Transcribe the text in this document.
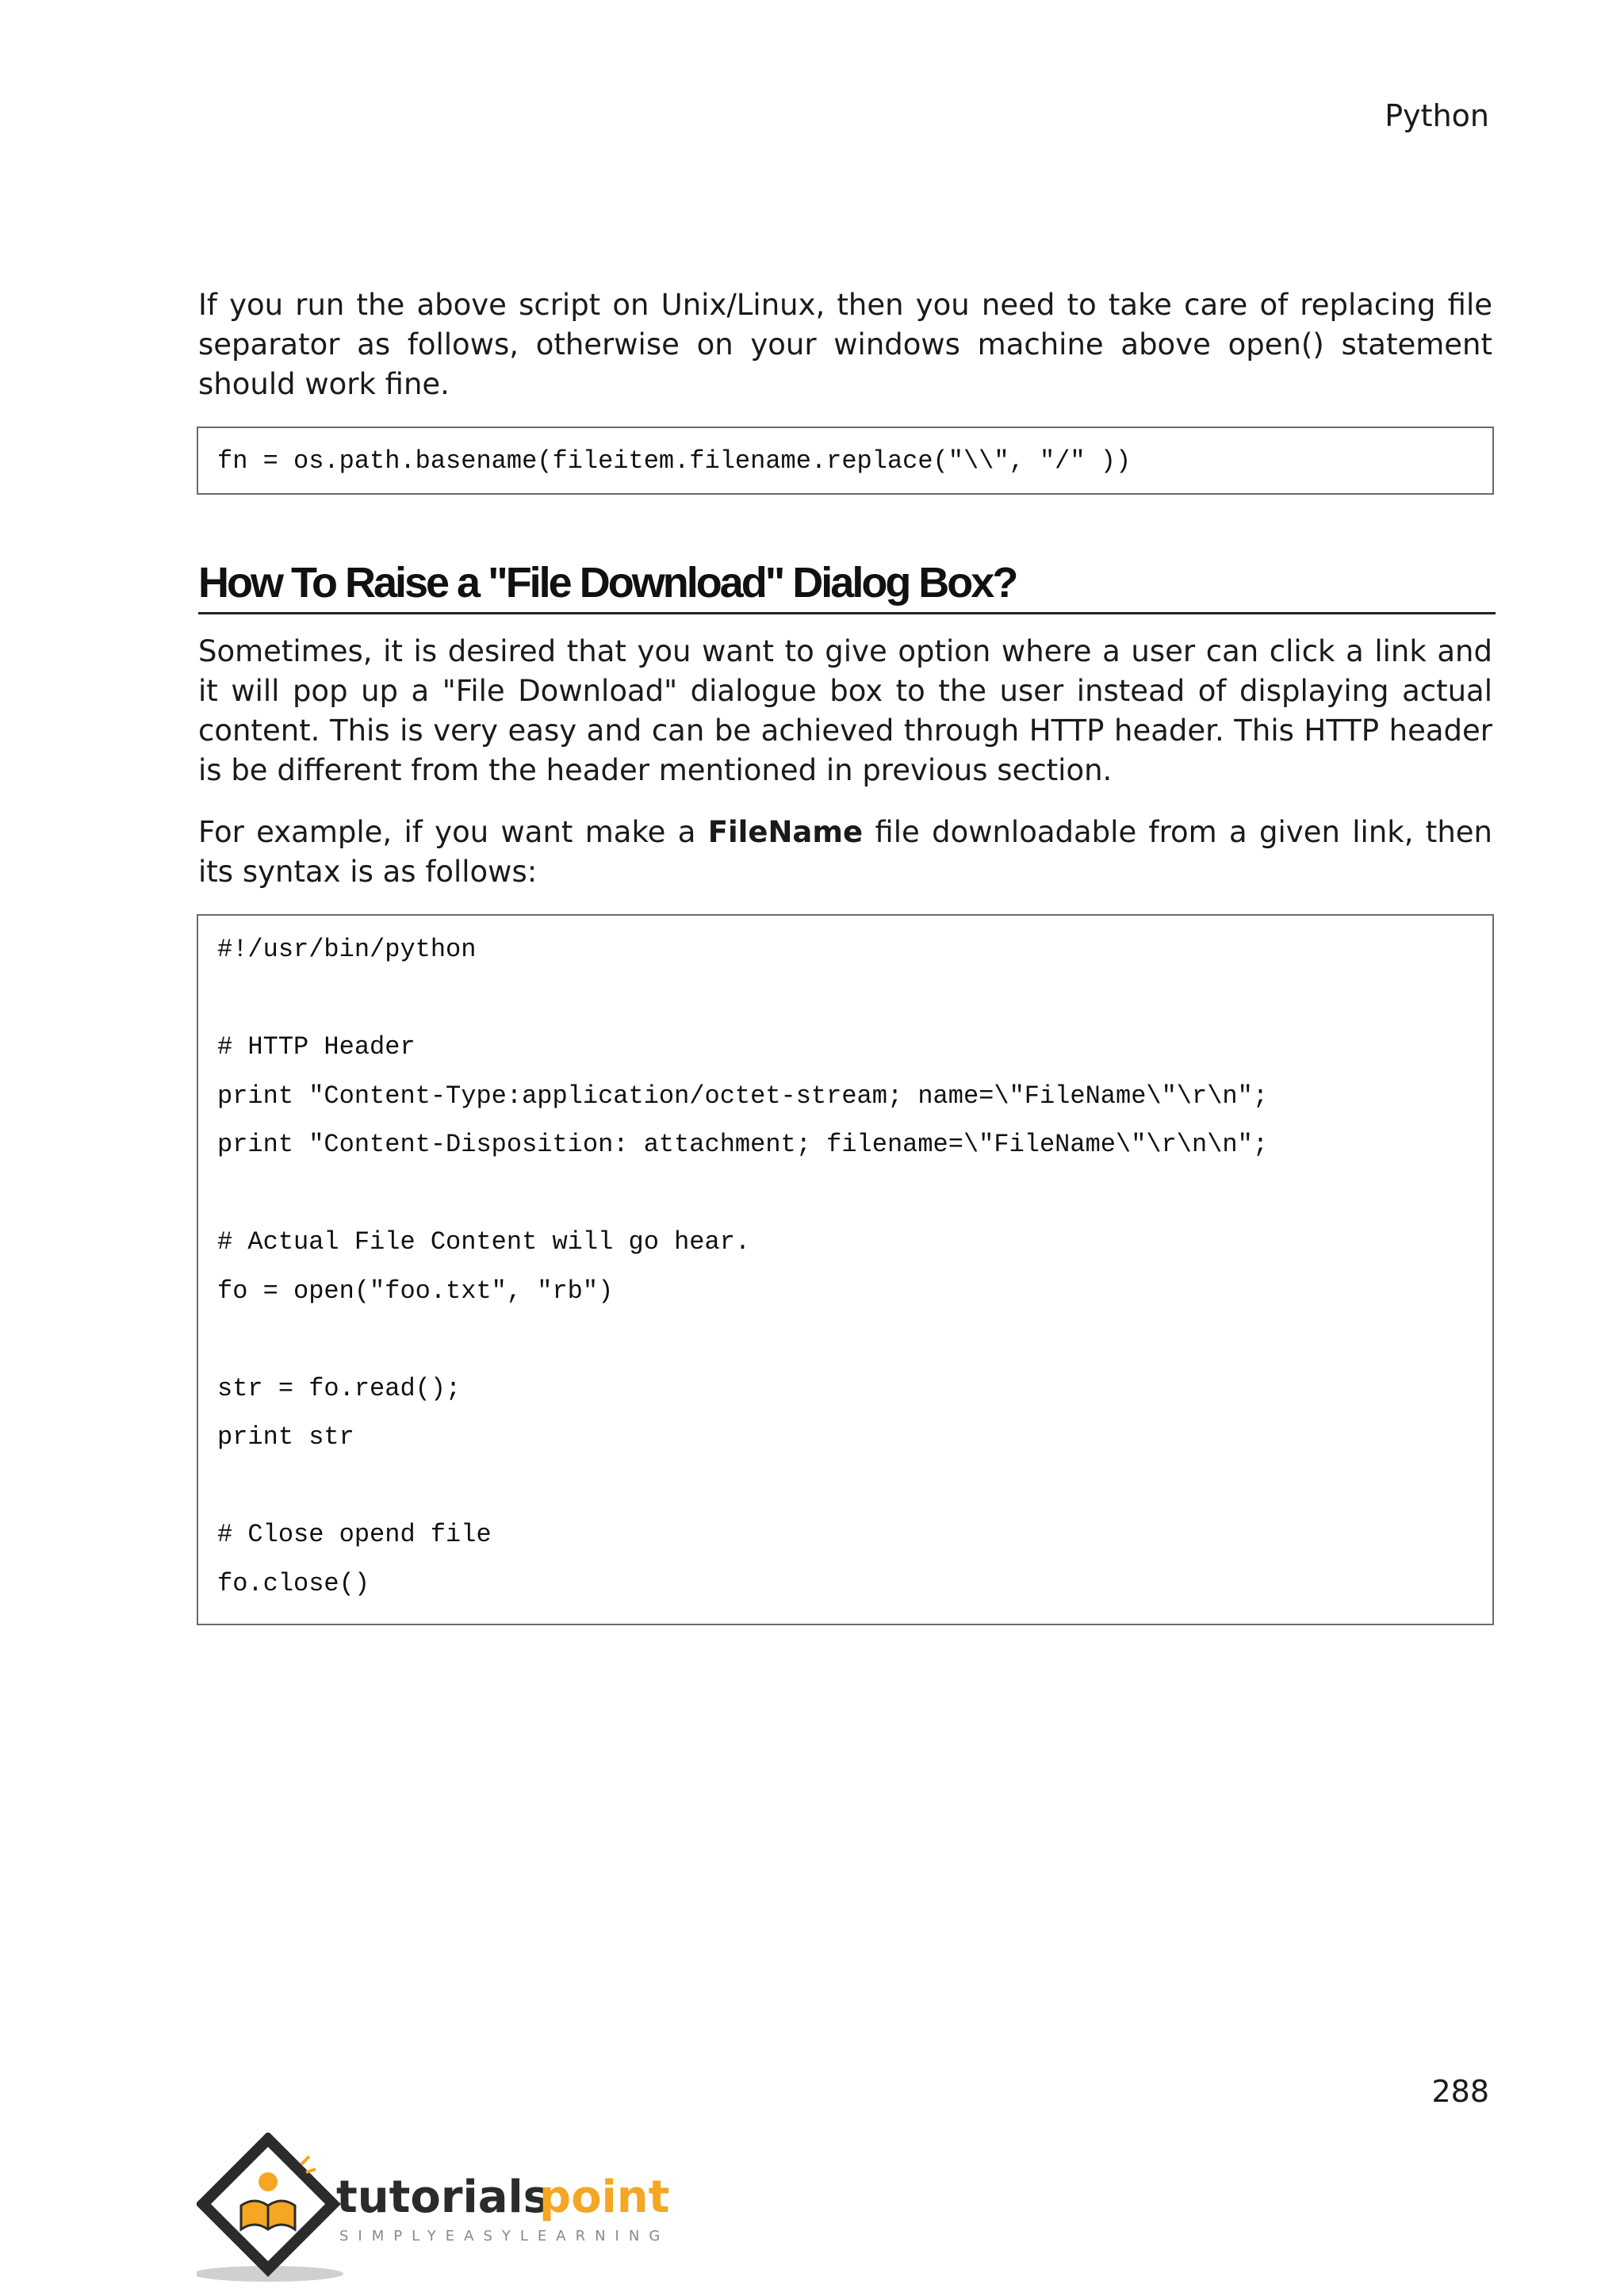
Python

If you run the above script on Unix/Linux, then you need to take care of replacing file separator as follows, otherwise on your windows machine above open() statement should work fine.

fn = os.path.basename(fileitem.filename.replace("\\", "/" ))
How To Raise a "File Download" Dialog Box?

Sometimes, it is desired that you want to give option where a user can click a link and it will pop up a "File Download" dialogue box to the user instead of displaying actual content. This is very easy and can be achieved through HTTP header. This HTTP header is be different from the header mentioned in previous section.

For example, if you want make a FileName file downloadable from a given link, then its syntax is as follows:

#!/usr/bin/python
# HTTP Header
print "Content-Type:application/octet-stream; name=\"FileName\"\r\n";
print "Content-Disposition: attachment; filename=\"FileName\"\r\n\n";
# Actual File Content will go hear.
fo = open("foo.txt", "rb")
str = fo.read();
print str
# Close opend file
fo.close()
288
tutorials
point
SIMPLYEASYLEARNING
